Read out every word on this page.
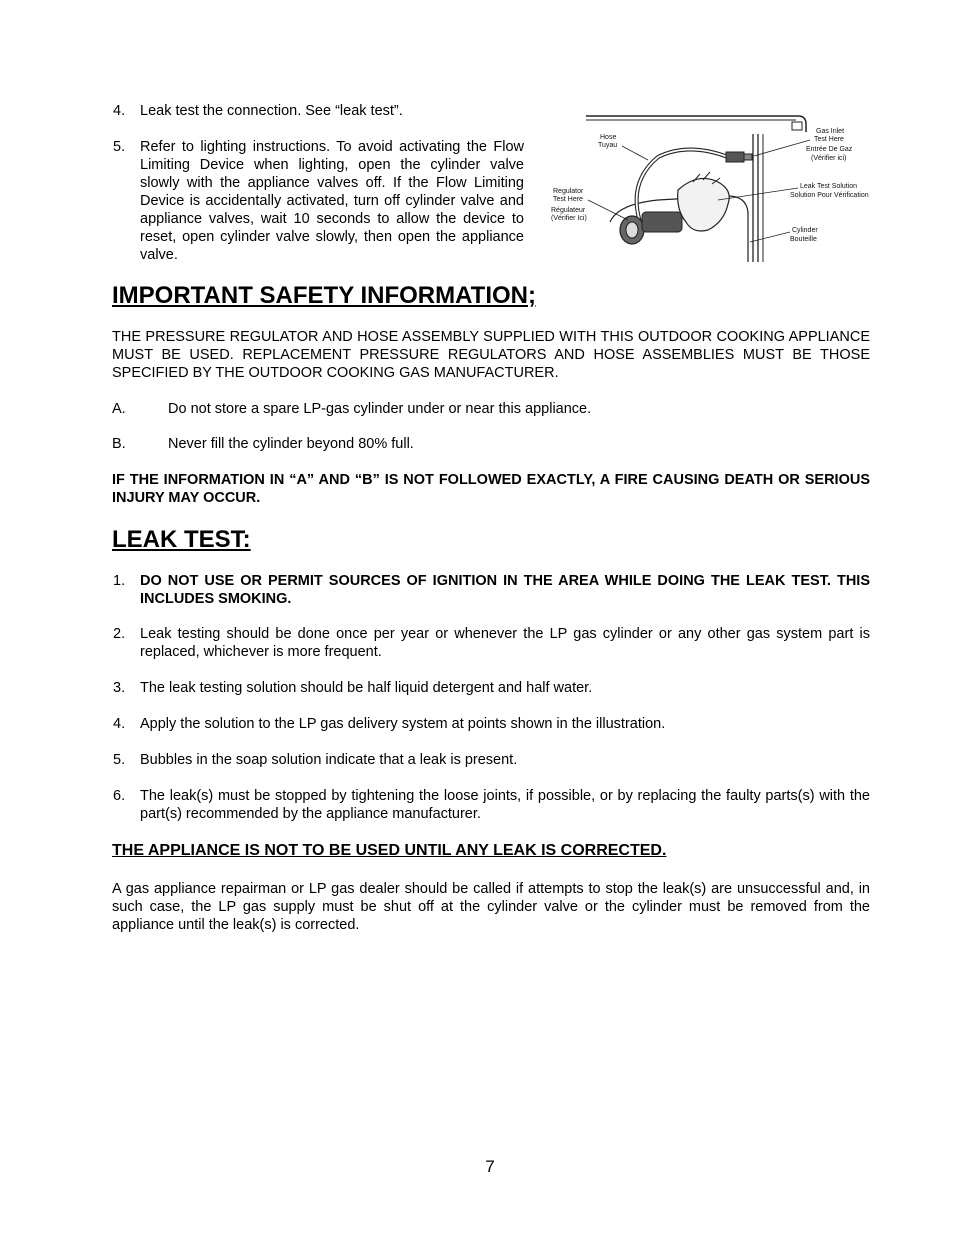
4.	Leak test the connection. See “leak test”.
5.	Refer to lighting instructions. To avoid activating the Flow Limiting Device when lighting, open the cylinder valve slowly with the appliance valves off. If the Flow Limiting Device is accidentally activated, turn off cylinder valve and appliance valves, wait 10 seconds to allow the device to reset, open cylinder valve slowly, then open the appliance valve.
Hose
Tuyau
Gas Inlet
Test Here
Entrée De Gaz
(Vérifier ici)
Leak Test Solution
Solution Pour Vérification
Regulator
Test Here
Régulateur
(Vérifier Ici)
Cylinder
Bouteille
IMPORTANT SAFETY INFORMATION;
THE PRESSURE REGULATOR AND HOSE ASSEMBLY SUPPLIED WITH THIS OUTDOOR COOKING APPLIANCE MUST BE USED. REPLACEMENT PRESSURE REGULATORS AND HOSE ASSEMBLIES MUST BE THOSE SPECIFIED BY THE OUTDOOR COOKING GAS MANUFACTURER.
A.	Do not store a spare LP-gas cylinder under or near this appliance.
B.	Never fill the cylinder beyond 80% full.
IF THE INFORMATION IN “A” AND “B” IS NOT FOLLOWED EXACTLY, A FIRE CAUSING DEATH OR SERIOUS INJURY MAY OCCUR.
LEAK TEST:
1.	DO NOT USE OR PERMIT SOURCES OF IGNITION IN THE AREA WHILE DOING THE LEAK TEST. THIS INCLUDES SMOKING.
2.	Leak testing should be done once per year or whenever the LP gas cylinder or any other gas system part is replaced, whichever is more frequent.
3.	The leak testing solution should be half liquid detergent and half water.
4.	Apply the solution to the LP gas delivery system at points shown in the illustration.
5.	Bubbles in the soap solution indicate that a leak is present.
6.	The leak(s) must be stopped by tightening the loose joints, if possible, or by replacing the faulty parts(s) with the part(s) recommended by the appliance manufacturer.
THE APPLIANCE IS NOT TO BE USED UNTIL ANY LEAK IS CORRECTED.
A gas appliance repairman or LP gas dealer should be called if attempts to stop the leak(s) are unsuccessful and, in such case, the LP gas supply must be shut off at the cylinder valve or the cylinder must be removed from the appliance until the leak(s) is corrected.
7
